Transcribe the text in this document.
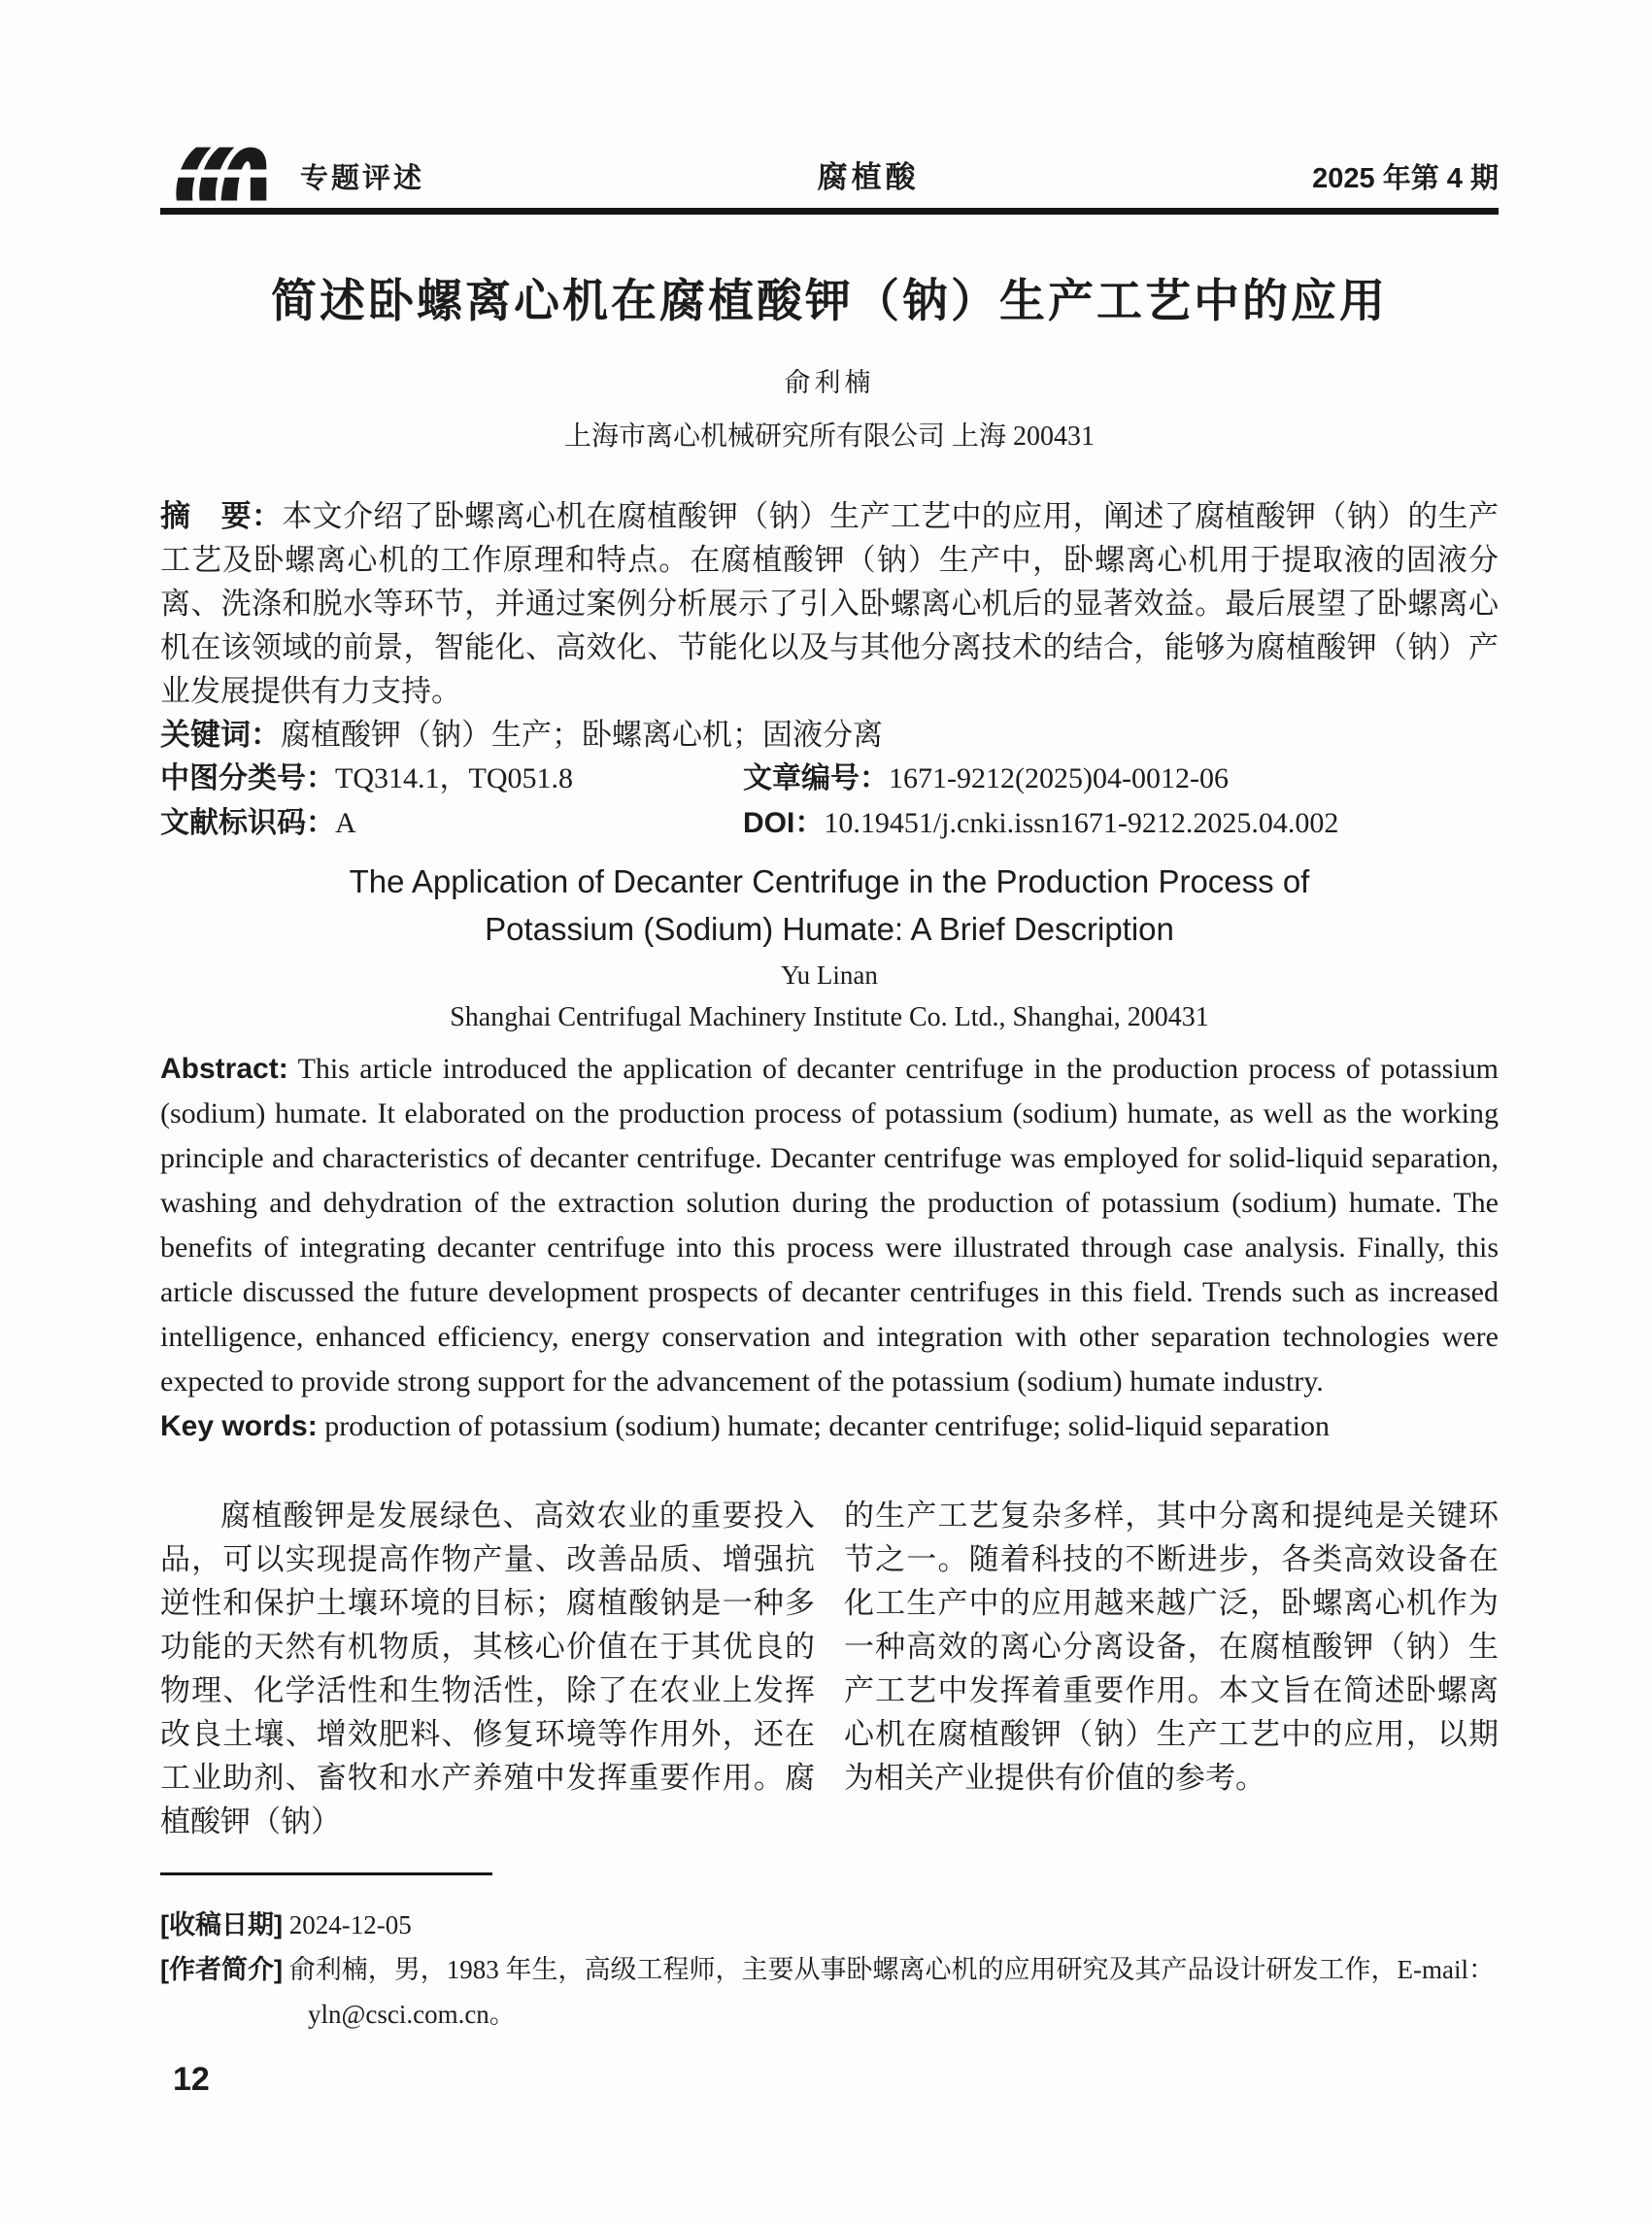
专题评述	腐植酸	2025 年第 4 期
简述卧螺离心机在腐植酸钾（钠）生产工艺中的应用
俞利楠
上海市离心机械研究所有限公司 上海 200431

摘　要：本文介绍了卧螺离心机在腐植酸钾（钠）生产工艺中的应用，阐述了腐植酸钾（钠）的生产工艺及卧螺离心机的工作原理和特点。在腐植酸钾（钠）生产中，卧螺离心机用于提取液的固液分离、洗涤和脱水等环节，并通过案例分析展示了引入卧螺离心机后的显著效益。最后展望了卧螺离心机在该领域的前景，智能化、高效化、节能化以及与其他分离技术的结合，能够为腐植酸钾（钠）产业发展提供有力支持。

关键词：腐植酸钾（钠）生产；卧螺离心机；固液分离

中图分类号：TQ314.1，TQ051.8	文章编号：1671-9212(2025)04-0012-06
文献标识码：A	DOI：10.19451/j.cnki.issn1671-9212.2025.04.002
The Application of Decanter Centrifuge in the Production Process of
Potassium (Sodium) Humate: A Brief Description
Yu Linan
Shanghai Centrifugal Machinery Institute Co. Ltd., Shanghai, 200431

Abstract: This article introduced the application of decanter centrifuge in the production process of potassium (sodium) humate. It elaborated on the production process of potassium (sodium) humate, as well as the working principle and characteristics of decanter centrifuge. Decanter centrifuge was employed for solid-liquid separation, washing and dehydration of the extraction solution during the production of potassium (sodium) humate. The benefits of integrating decanter centrifuge into this process were illustrated through case analysis. Finally, this article discussed the future development prospects of decanter centrifuges in this field. Trends such as increased intelligence, enhanced efficiency, energy conservation and integration with other separation technologies were expected to provide strong support for the advancement of the potassium (sodium) humate industry.

Key words: production of potassium (sodium) humate; decanter centrifuge; solid-liquid separation

腐植酸钾是发展绿色、高效农业的重要投入品，可以实现提高作物产量、改善品质、增强抗逆性和保护土壤环境的目标；腐植酸钠是一种多功能的天然有机物质，其核心价值在于其优良的物理、化学活性和生物活性，除了在农业上发挥改良土壤、增效肥料、修复环境等作用外，还在工业助剂、畜牧和水产养殖中发挥重要作用。腐植酸钾（钠）

的生产工艺复杂多样，其中分离和提纯是关键环节之一。随着科技的不断进步，各类高效设备在化工生产中的应用越来越广泛，卧螺离心机作为一种高效的离心分离设备，在腐植酸钾（钠）生产工艺中发挥着重要作用。本文旨在简述卧螺离心机在腐植酸钾（钠）生产工艺中的应用，以期为相关产业提供有价值的参考。

[收稿日期] 2024-12-05
[作者简介] 俞利楠，男，1983 年生，高级工程师，主要从事卧螺离心机的应用研究及其产品设计研发工作，E-mail：
yln@csci.com.cn。
12
